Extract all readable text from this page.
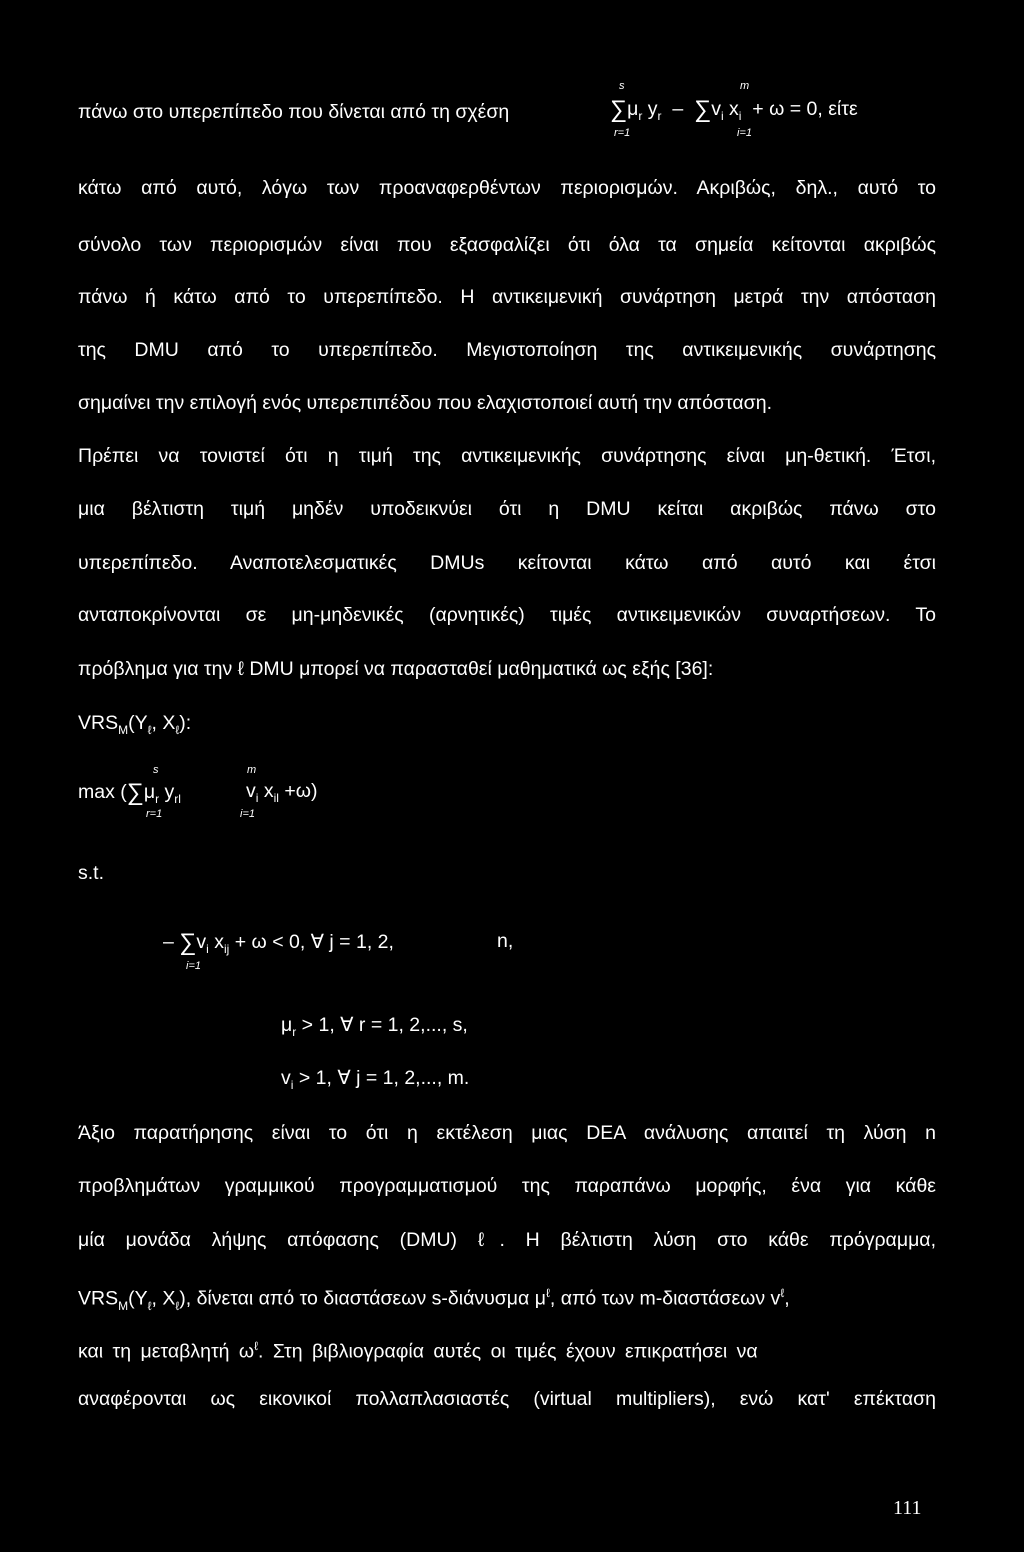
πάνω στο υπερεπίπεδο που δίνεται από τη σχέση	$\sum\mu_r$ $y_r - \sum v_i$ $x_i + \omega = 0$, είτε
s
r=1
m
i=1
κάτω από αυτό, λόγω των προαναφερθέντων περιορισμών. Ακριβώς, δηλ., αυτό το
σύνολο των περιορισμών είναι που εξασφαλίζει ότι όλα τα σημεία κείτονται ακριβώς
πάνω ή κάτω από το υπερεπίπεδο. Η αντικειμενική συνάρτηση μετρά την απόσταση
της DMU από το υπερεπίπεδο. Μεγιστοποίηση της αντικειμενικής συνάρτησης
σημαίνει την επιλογή ενός υπερεπιπέδου που ελαχιστοποιεί αυτή την απόσταση.
Πρέπει να τονιστεί ότι η τιμή της αντικειμενικής συνάρτησης είναι μη-θετική. Έτσι,
μια βέλτιστη τιμή μηδέν υποδεικνύει ότι η DMU κείται ακριβώς πάνω στο
υπερεπίπεδο. Αναποτελεσματικές DMUs κείτονται κάτω από αυτό και έτσι
ανταποκρίνονται σε μη-μηδενικές (αρνητικές) τιμές αντικειμενικών συναρτήσεων. Το
πρόβλημα για την ℓ DMU μπορεί να παρασταθεί μαθηματικά ως εξής [36]:
$VRS_M(Y_\ell$, $X_\ell$):
$\max (\sum\mu_r$ $y_{rl}$	$v_i$ $x_{il} +\omega$)
s
r=1
m
i=1
s.t.
– $\sum v_i$ $x_{ij} + \omega < 0$, ∀ j = 1, 2,	n,
i=1
$\mu_r > 1$, ∀ r = 1, 2,..., s,
$v_i > 1$, ∀ j = 1, 2,..., m.
Άξιο παρατήρησης είναι το ότι η εκτέλεση μιας DEA ανάλυσης απαιτεί τη λύση n
προβλημάτων γραμμικού προγραμματισμού της παραπάνω μορφής, ένα για κάθε
μία μονάδα λήψης απόφασης (DMU) ℓ. Η βέλτιστη λύση στο κάθε πρόγραμμα,
$VRS_M(Y_\ell$, $X_\ell$), δίνεται από το διαστάσεων s-διάνυσμα $\mu^\ell$, από των m-διαστάσεων $v^\ell$,
και τη μεταβλητή $\omega^\ell$. Στη βιβλιογραφία αυτές οι τιμές έχουν επικρατήσει να
αναφέρονται ως εικονικοί πολλαπλασιαστές (virtual multipliers), ενώ κατ' επέκταση
111
